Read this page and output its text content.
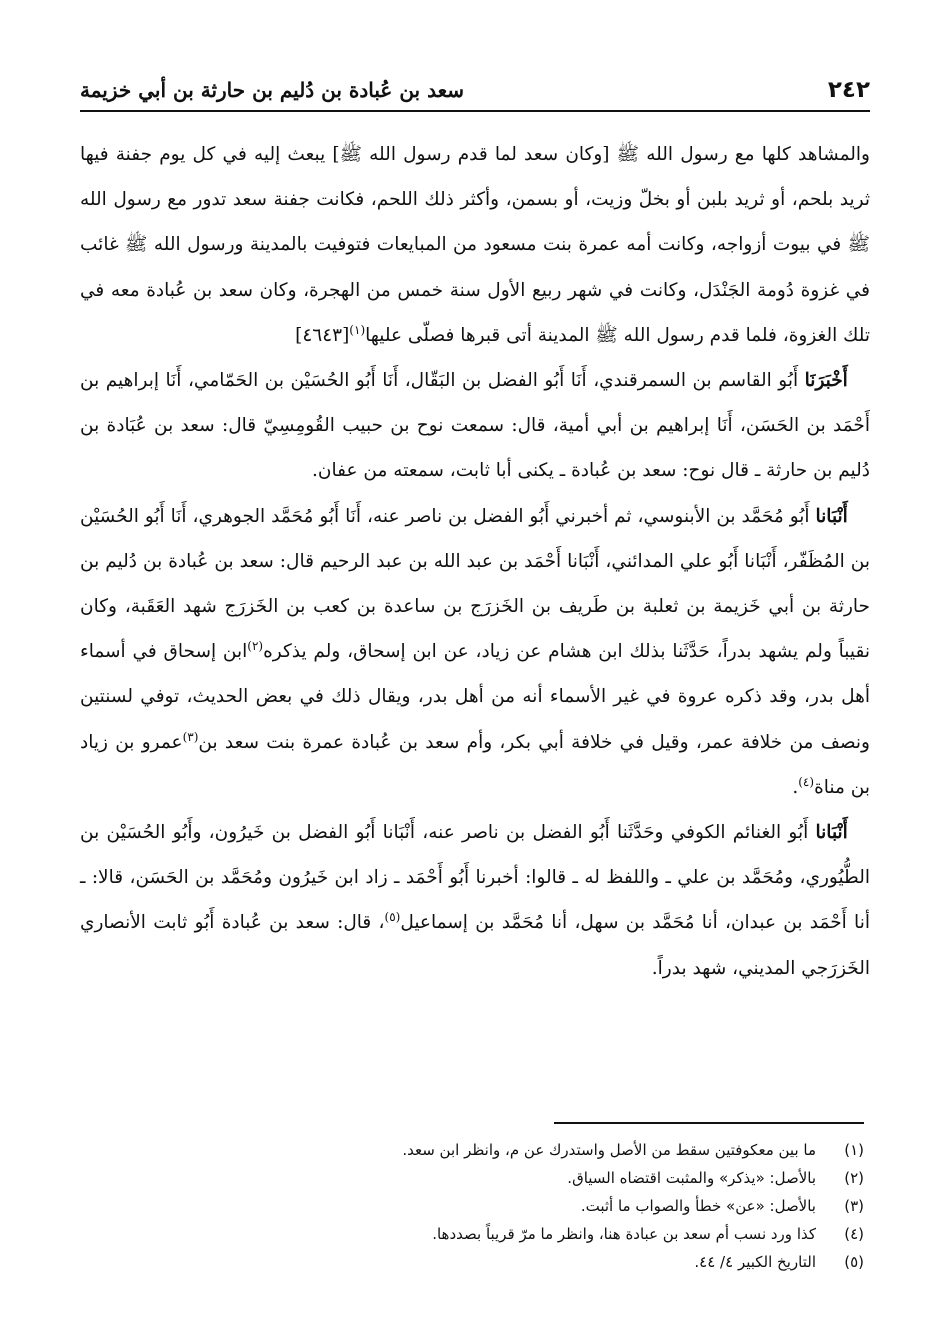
٢٤٢
سعد بن عُبادة بن دُليم بن حارثة بن أبي خزيمة

والمشاهد كلها مع رسول الله ﷺ [وكان سعد لما قدم رسول الله ﷺ] يبعث إليه في كل يوم جفنة فيها ثريد بلحم، أو ثريد بلبن أو بخلّ وزيت، أو بسمن، وأكثر ذلك اللحم، فكانت جفنة سعد تدور مع رسول الله ﷺ في بيوت أزواجه، وكانت أمه عمرة بنت مسعود من المبايعات فتوفيت بالمدينة ورسول الله ﷺ غائب في غزوة دُومة الجَنْدَل، وكانت في شهر ربيع الأول سنة خمس من الهجرة، وكان سعد بن عُبادة معه في تلك الغزوة، فلما قدم رسول الله ﷺ المدينة أتى قبرها فصلّى عليها$^{(١)}$[٤٦٤٣]

أَخْبَرَنَا أَبُو القاسم بن السمرقندي، أَنَا أَبُو الفضل بن البَقّال، أَنَا أَبُو الحُسَيْن بن الحَمّامي، أَنَا إبراهيم بن أَحْمَد بن الحَسَن، أَنَا إبراهيم بن أبي أمية، قال: سمعت نوح بن حبيب القُومِسِيّ قال: سعد بن عُبَادة بن دُليم بن حارثة ـ قال نوح: سعد بن عُبادة ـ يكنى أبا ثابت، سمعته من عفان.

أَنْبَانا أَبُو مُحَمَّد بن الأبنوسي، ثم أخبرني أَبُو الفضل بن ناصر عنه، أَنَا أَبُو مُحَمَّد الجوهري، أَنَا أَبُو الحُسَيْن بن المُظَفّر، أَنْبَانا أَبُو علي المدائني، أَنْبَانا أَحْمَد بن عبد الله بن عبد الرحيم قال: سعد بن عُبادة بن دُليم بن حارثة بن أبي خَزيمة بن ثعلبة بن طَريف بن الخَزرَج بن ساعدة بن كعب بن الخَزرَج شهد العَقَبة، وكان نقيباً ولم يشهد بدراً، حَدَّثَنا بذلك ابن هشام عن زياد، عن ابن إسحاق، ولم يذكره$^{(٢)}$ابن إسحاق في أسماء أهل بدر، وقد ذكره عروة في غير الأسماء أنه من أهل بدر، ويقال ذلك في بعض الحديث، توفي لسنتين ونصف من خلافة عمر، وقيل في خلافة أبي بكر، وأم سعد بن عُبادة عمرة بنت سعد بن$^{(٣)}$عمرو بن زياد بن مناة$^{(٤)}$.

أَنْبَانا أَبُو الغنائم الكوفي وحَدَّثَنا أَبُو الفضل بن ناصر عنه، أَنْبَانا أَبُو الفضل بن خَيرُون، وأَبُو الحُسَيْن بن الطُّيُوري، ومُحَمَّد بن علي ـ واللفظ له ـ قالوا: أخبرنا أَبُو أَحْمَد ـ زاد ابن خَيرُون ومُحَمَّد بن الحَسَن، قالا: ـ أنا أَحْمَد بن عبدان، أنا مُحَمَّد بن سهل، أنا مُحَمَّد بن إسماعيل$^{(٥)}$، قال: سعد بن عُبادة أَبُو ثابت الأنصاري الخَزرَجي المديني، شهد بدراً.

(١)
ما بين معكوفتين سقط من الأصل واستدرك عن م، وانظر ابن سعد.
(٢)
بالأصل: «يذكر» والمثبت اقتضاه السياق.
(٣)
بالأصل: «عن» خطأ والصواب ما أثبت.
(٤)
كذا ورد نسب أم سعد بن عبادة هنا، وانظر ما مرّ قريباً بصددها.
(٥)
التاريخ الكبير ٤/ ٤٤.
